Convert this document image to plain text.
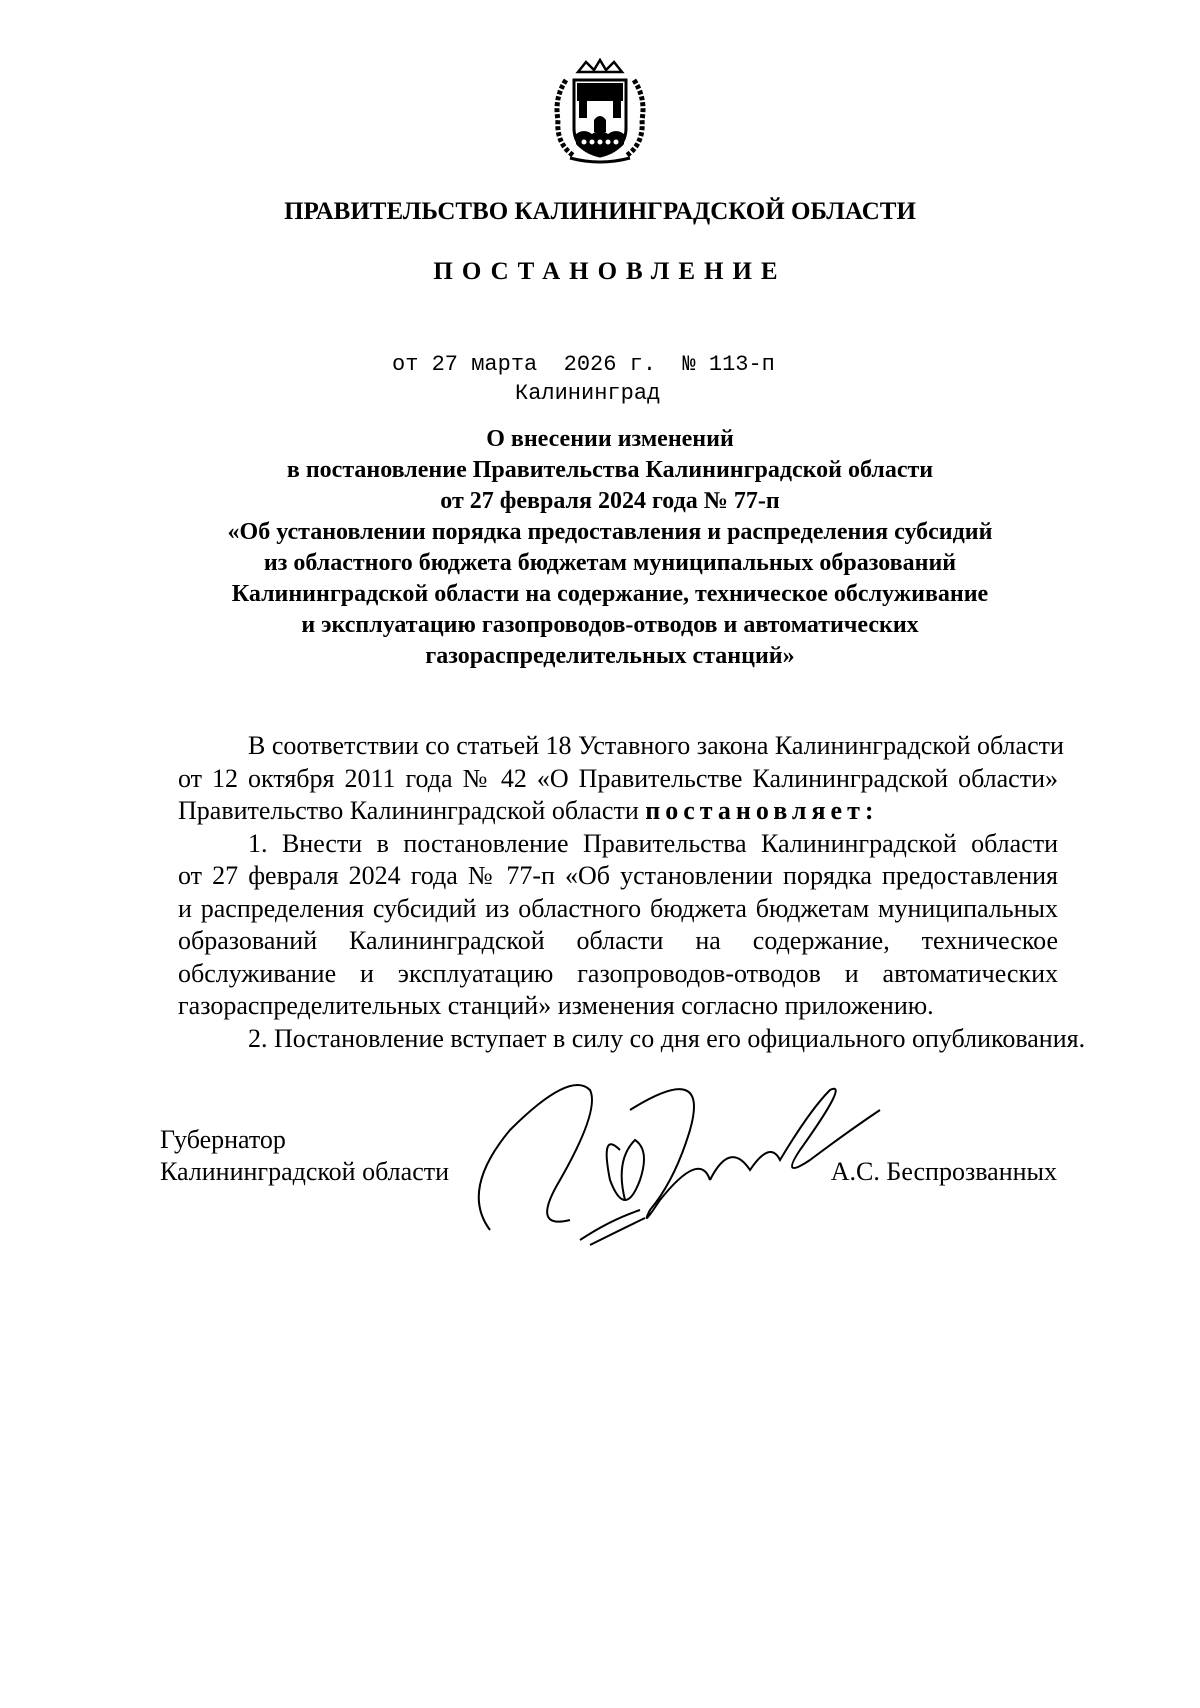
ПРАВИТЕЛЬСТВО КАЛИНИНГРАДСКОЙ ОБЛАСТИ
ПОСТАНОВЛЕНИЕ
от 27 марта 2026 г. № 113-п
Калининград
О внесении изменений
в постановление Правительства Калининградской области
от 27 февраля 2024 года № 77-п
«Об установлении порядка предоставления и распределения субсидий
из областного бюджета бюджетам муниципальных образований
Калининградской области на содержание, техническое обслуживание
и эксплуатацию газопроводов-отводов и автоматических
газораспределительных станций»
В соответствии со статьей 18 Уставного закона Калининградской области
от 12 октября 2011 года № 42 «О Правительстве Калининградской области»
Правительство Калининградской области постановляет:
1. Внести в постановление Правительства Калининградской области
от 27 февраля 2024 года № 77-п «Об установлении порядка предоставления
и распределения субсидий из областного бюджета бюджетам муниципальных
образований Калининградской области на содержание, техническое
обслуживание и эксплуатацию газопроводов-отводов и автоматических
газораспределительных станций» изменения согласно приложению.
2. Постановление вступает в силу со дня его официального опубликования.
Губернатор
Калининградской области	А.С. Беспрозванных
